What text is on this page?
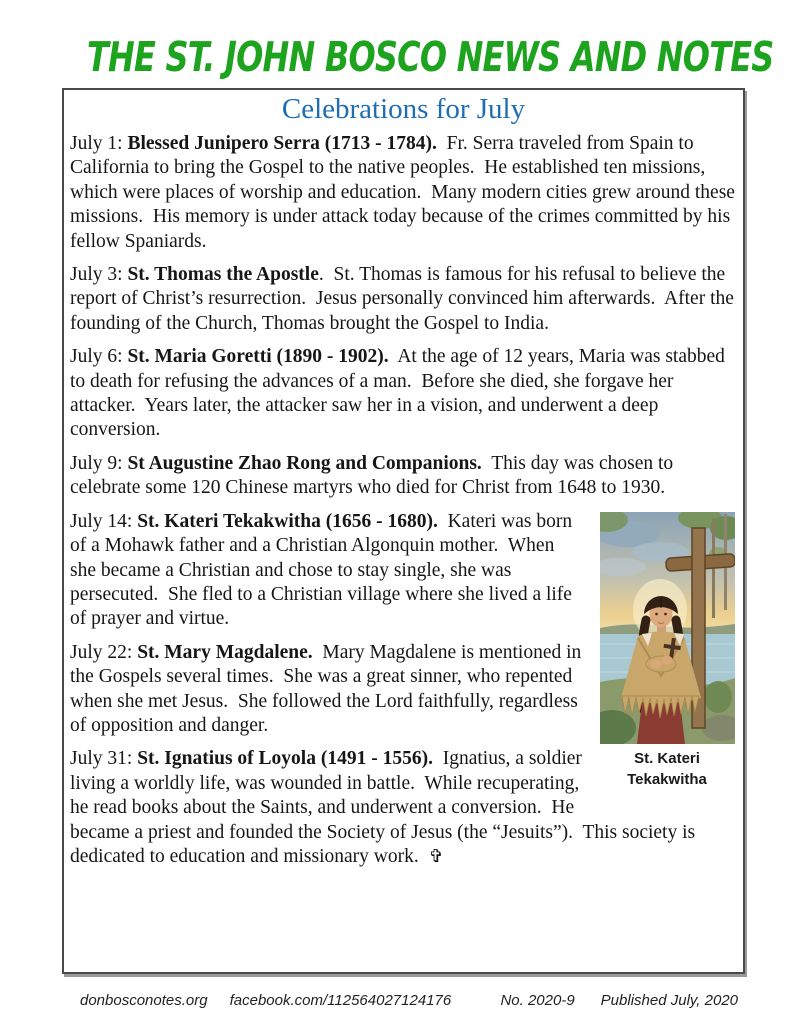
THE ST. JOHN BOSCO NEWS AND NOTES
Celebrations for July

July 1: Blessed Junipero Serra (1713 - 1784).  Fr. Serra traveled from Spain to California to bring the Gospel to the native peoples.  He established ten missions, which were places of worship and education.  Many modern cities grew around these missions.  His memory is under attack today because of the crimes committed by his fellow Spaniards.

July 3: St. Thomas the Apostle.  St. Thomas is famous for his refusal to believe the report of Christ’s resurrection.  Jesus personally convinced him afterwards.  After the founding of the Church, Thomas brought the Gospel to India.

July 6: St. Maria Goretti (1890 - 1902).  At the age of 12 years, Maria was stabbed to death for refusing the advances of a man.  Before she died, she forgave her attacker.  Years later, the attacker saw her in a vision, and underwent a deep conversion.

July 9: St Augustine Zhao Rong and Companions.  This day was chosen to celebrate some 120 Chinese martyrs who died for Christ from 1648 to 1930.

St. Kateri
Tekakwitha

July 14: St. Kateri Tekakwitha (1656 - 1680).  Kateri was born of a Mohawk father and a Christian Algonquin mother.  When she became a Christian and chose to stay single, she was persecuted.  She fled to a Christian village where she lived a life of prayer and virtue.

July 22: St. Mary Magdalene.  Mary Magdalene is mentioned in the Gospels several times.  She was a great sinner, who repented when she met Jesus.  She followed the Lord faithfully, regardless of opposition and danger.

July 31: St. Ignatius of Loyola (1491 - 1556).  Ignatius, a soldier living a worldly life, was wounded in battle.  While recuperating, he read books about the Saints, and underwent a conversion.  He became a priest and founded the Society of Jesus (the “Jesuits”).  This society is dedicated to education and missionary work.  ✞

donbosconotes.org facebook.com/112564027124176	No. 2020-9 Published July, 2020
